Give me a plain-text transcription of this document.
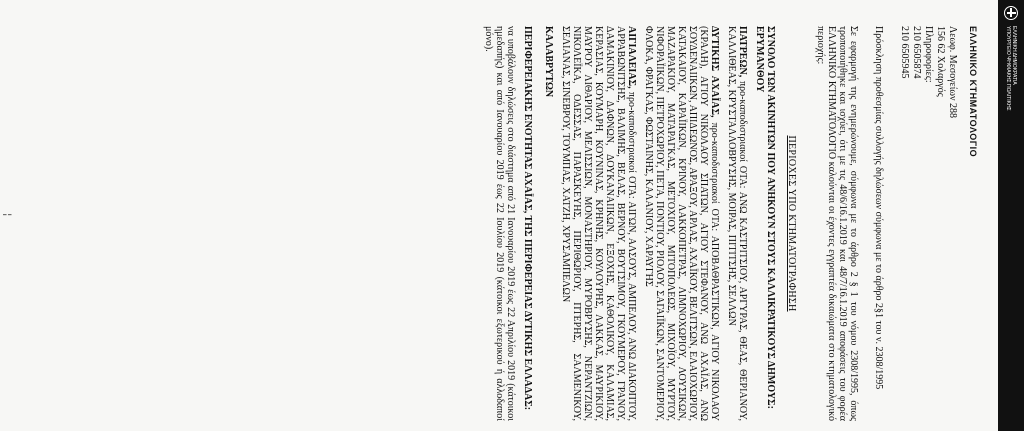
ΕΛΛΗΝΙΚΗ ΔΗΜΟΚΡΑΤΙΑ
ΥΠΟΥΡΓΕΙΟ ΨΗΦΙΑΚΗΣ ΠΟΛΙΤΙΚΗΣ
ΕΛΛΗΝΙΚΟ ΚΤΗΜΑΤΟΛΟΓΙΟ
Λεωφ. Μεσογείων 288
156 62 Χολαργός
Πληροφορίες:
210 6505874
210 6505945
Πρόσκληση προθεσμίας συλλογής δηλώσεων σύμφωνα με το άρθρο 2§1 του ν. 2308/1995
Σε εφαρμογή της ενημερώνουμε, σύμφωνα με το άρθρο 2 § 1 του νόμου 2308/1995, όπως τροποποιήθηκε και ισχύει, ότι με τις 48/6/16.1.2019 και 48/7/16.1.2019 αποφάσεις του φορέα ΕΛΛΗΝΙΚΟ ΚΤΗΜΑΤΟΛΟΓΙΟ καλούνται οι έχοντες εγγραπτέα δικαιώματα στο κτηματολογικό περιοχής:
ΠΕΡΙΟΧΕΣ ΥΠΟ ΚΤΗΜΑΤΟΓΡΑΦΗΣΗ
ΣΥΝΟΛΟ ΤΩΝ ΑΚΙΝΗΤΩΝ ΠΟΥ ΑΝΗΚΟΥΝ ΣΤΟΥΣ ΚΑΛΛΙΚΡΑΤΙΚΟΥΣ ΔΗΜΟΥΣ: ΕΡΥΜΑΝΘΟΥ
ΠΑΤΡΕΩΝ, προ-καποδιστριακοί ΟΤΑ: ΑΝΩ ΚΑΣΤΡΙΤΣΙΟΥ, ΑΡΓΥΡΑΣ, ΘΕΑΣ, ΘΕΡΙΑΝΟΥ, ΚΑΛΛΙΘΕΑΣ, ΚΡΥΣΤΑΛΛΟΒΡΥΣΗΣ, ΜΟΙΡΑΣ, ΠΙΤΙΤΣΗΣ, ΣΕΛΛΩΝ
ΔΥΤΙΚΗΣ ΑΧΑΪΑΣ, προ-καποδιστριακοί ΟΤΑ: ΑΠΟΒΑΘΡΑΣΤΙΚΩΝ, ΑΓΙΟΥ ΝΙΚΟΛΑΟΥ (ΚΡΑΛΗ), ΑΓΙΟΥ ΝΙΚΟΛΑΟΥ ΣΠΑΤΩΝ, ΑΓΙΟΥ ΣΤΕΦΑΝΟΥ, ΑΝΩ ΑΧΑΪΑΣ, ΑΝΩ ΣΟΥΔΕΝΑΙΙΚΩΝ, ΑΠΙΔΕΩΝΟΣ, ΑΡΑΞΟΥ, ΑΡΛΑΣ, ΑΧΑΪΚΟΥ, ΒΕΛΙΤΣΩΝ, ΕΛΑΙΟΧΩΡΙΟΥ, ΚΑΤΑΚΑΙΟΥ, ΚΑΡΑΪΙΚΩΝ, ΚΡΙΝΟΥ, ΛΑΚΚΟΠΕΤΡΑΣ, ΛΙΜΝΟΧΩΡΙΟΥ, ΛΟΥΣΙΚΩΝ, ΜΑΖΑΡΑΚΙΟΥ, ΜΑΤΑΡΑΓΚΑΣ, ΜΕΤΟΧΙΟΥ, ΜΙΤΟΠΟΛΕΩΣ, ΜΙΧΟΪΟΥ, ΜΥΡΤΟΥ, ΝΙΦΟΡΑΪΙΚΩΝ, ΠΕΤΡΟΧΩΡΙΟΥ, ΠΕΤΑ, ΠΟΝΤΙΟΥ, ΡΙΟΛΟΥ, ΣΑΓΑΙΪΚΩΝ, ΣΑΝΤΟΜΕΡΙΟΥ, ΦΛΟΚΑ, ΦΡΑΓΚΑΣ, ΦΩΣΤΑΙΝΗΣ, ΚΑΛΑΝΙΟΥ, ΧΑΡΑΥΓΗΣ
ΑΙΓΙΑΛΕΙΑΣ, προ-καποδιστριακοί ΟΤΑ: ΑΙΓΩΝ, ΑΛΣΟΥΣ, ΑΜΠΕΛΟΥ, ΑΝΩ ΔΙΑΚΟΠΤΟΥ, ΑΡΡΑΒΩΝΙΤΣΗΣ, ΒΑΛΙΜΗΣ, ΒΕΛΑΣ, ΒΕΡΝΟΥ, ΒΟΥΤΣΙΜΟΥ, ΓΚΟΥΜΕΡΟΥ, ΓΡΑΝΟΥ, ΔΑΜΑΚΙΝΙΟΥ, ΔΑΦΝΩΝ, ΔΟΥΚΑΝΑΙΙΚΩΝ, ΕΞΟΧΗΣ, ΚΑΘΟΛΙΚΟΥ, ΚΑΛΑΜΙΑΣ, ΚΕΡΑΣΙΑΣ, ΚΟΥΜΑΡΗ, ΚΟΥΝΙΝΑΣ, ΚΡΗΝΗΣ, ΚΟΥΛΟΥΡΗΣ, ΛΑΚΚΑΣ, ΜΑΥΡΙΚΙΟΥ, ΜΑΥΡΟΥ ΛΙΘΑΡΙΟΥ, ΜΕΛΙΣΣΙΩΝ, ΜΟΝΑΣΤΗΡΙΟΥ, ΜΥΡΟΒΡΥΣΗΣ, ΝΕΡΑΝΤΖΙΩΝ, ΝΙΚΟΛΕΪΚΑ, ΟΔΕΣΣΑΣ, ΠΑΡΑΣΚΕΥΗΣ, ΠΕΡΙΘΩΡΙΟΥ, ΠΤΕΡΗΣ, ΣΑΛΜΕΝΙΚΟΥ, ΣΕΛΙΑΝΑΣ, ΣΙΝΕΒΡΟΥ, ΤΟΥΜΠΑΣ, ΧΑΤΖΗ, ΧΡΥΣΑΜΠΕΛΩΝ
ΚΑΛΑΒΡΥΤΩΝ
ΠΕΡΙΦΕΡΕΙΑΚΗΣ ΕΝΟΤΗΤΑΣ ΑΧΑΪΑΣ, ΤΗΣ ΠΕΡΙΦΕΡΕΙΑΣ ΔΥΤΙΚΗΣ ΕΛΛΑΔΑΣ:
να υποβάλουν δηλώσεις στο διάστημα από 21 Ιανουαρίου 2019 έως 22 Απριλίου 2019 (κάτοικοι ημεδαπής) και από Ιανουαρίου 2019 έως 22 Ιουλίου 2019 (κάτοικοι εξωτερικού ή αλλοδαποί μόνο).
¦
